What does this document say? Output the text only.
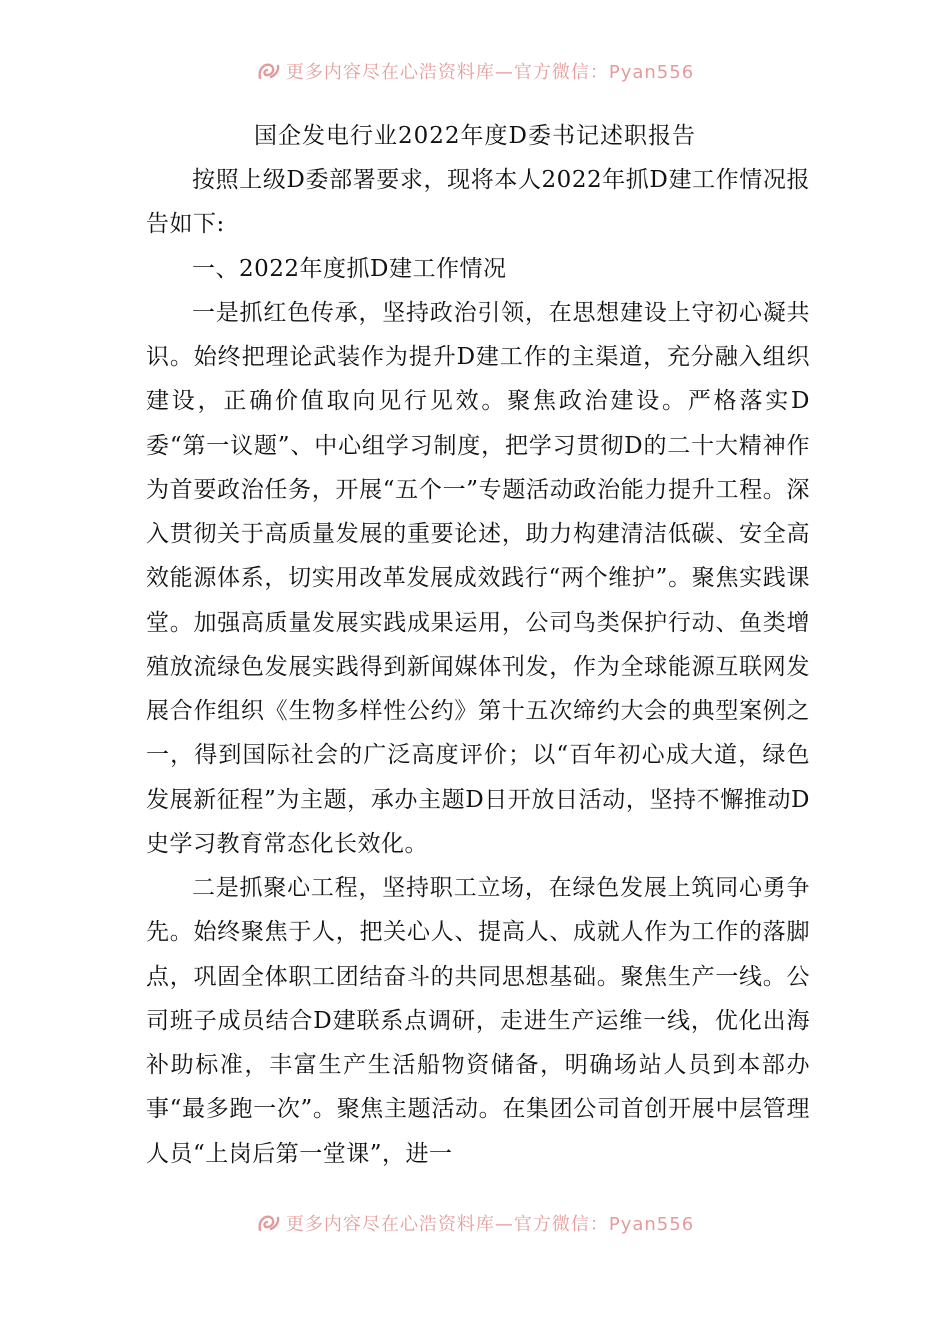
更多内容尽在心浩资料库—官方微信：Pyan556
国企发电行业2022年度D委书记述职报告

按照上级D委部署要求，现将本人2022年抓D建工作情况报告如下:

一、2022年度抓D建工作情况

一是抓红色传承，坚持政治引领，在思想建设上守初心凝共识。始终把理论武装作为提升D建工作的主渠道，充分融入组织建设，正确价值取向见行见效。聚焦政治建设。严格落实D委“第一议题”、中心组学习制度，把学习贯彻D的二十大精神作为首要政治任务，开展“五个一”专题活动政治能力提升工程。深入贯彻关于高质量发展的重要论述，助力构建清洁低碳、安全高效能源体系，切实用改革发展成效践行“两个维护”。聚焦实践课堂。加强高质量发展实践成果运用，公司鸟类保护行动、鱼类增殖放流绿色发展实践得到新闻媒体刊发，作为全球能源互联网发展合作组织《生物多样性公约》第十五次缔约大会的典型案例之一，得到国际社会的广泛高度评价；以“百年初心成大道，绿色发展新征程”为主题，承办主题D日开放日活动，坚持不懈推动D史学习教育常态化长效化。

二是抓聚心工程，坚持职工立场，在绿色发展上筑同心勇争先。始终聚焦于人，把关心人、提高人、成就人作为工作的落脚点，巩固全体职工团结奋斗的共同思想基础。聚焦生产一线。公司班子成员结合D建联系点调研，走进生产运维一线，优化出海补助标准，丰富生产生活船物资储备，明确场站人员到本部办事“最多跑一次”。聚焦主题活动。在集团公司首创开展中层管理人员“上岗后第一堂课”，进一

更多内容尽在心浩资料库—官方微信：Pyan556
